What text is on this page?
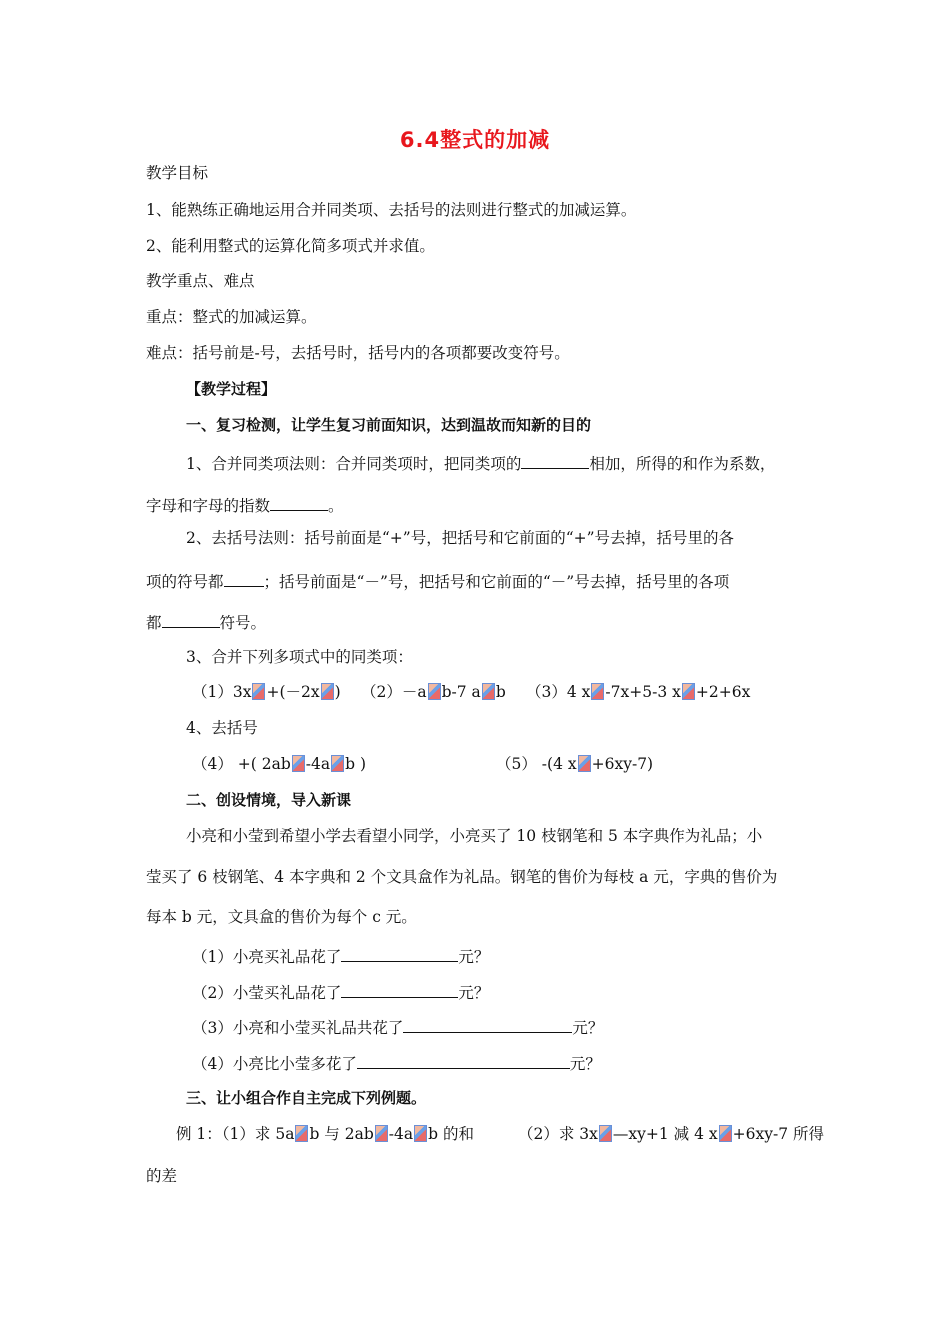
6.4整式的加减
教学目标
1、能熟练正确地运用合并同类项、去括号的法则进行整式的加减运算。
2、能利用整式的运算化简多项式并求值。
教学重点、难点
重点：整式的加减运算。
难点：括号前是-号，去括号时，括号内的各项都要改变符号。
【教学过程】
一、复习检测，让学生复习前面知识，达到温故而知新的目的
1、合并同类项法则：合并同类项时，把同类项的	相加，所得的和作为系数，
字母和字母的指数	。
2、去括号法则：括号前面是“+”号，把括号和它前面的“+”号去掉，括号里的各
项的符号都	；括号前面是“－”号，把括号和它前面的“－”号去掉，括号里的各项
都	符号。
3、合并下列多项式中的同类项：
（1）3x +(－2x ) （2）－a b-7 a b （3）4 x -7x+5-3 x +2+6x
4、去括号
（4） +( 2ab -4a b )	（5） -(4 x +6xy-7)
二、创设情境，导入新课
小亮和小莹到希望小学去看望小同学，小亮买了 10 枝钢笔和 5 本字典作为礼品；小
莹买了 6 枝钢笔、4 本字典和 2 个文具盒作为礼品。钢笔的售价为每枝 a 元，字典的售价为
每本 b 元，文具盒的售价为每个 c 元。
（1）小亮买礼品花了	元？
（2）小莹买礼品花了	元？
（3）小亮和小莹买礼品共花了	元？
（4）小亮比小莹多花了	元？
三、让小组合作自主完成下列例题。
例 1：（1）求 5a b 与 2ab -4a b 的和	（2）求 3x —xy+1 减 4 x +6xy-7 所得
的差
